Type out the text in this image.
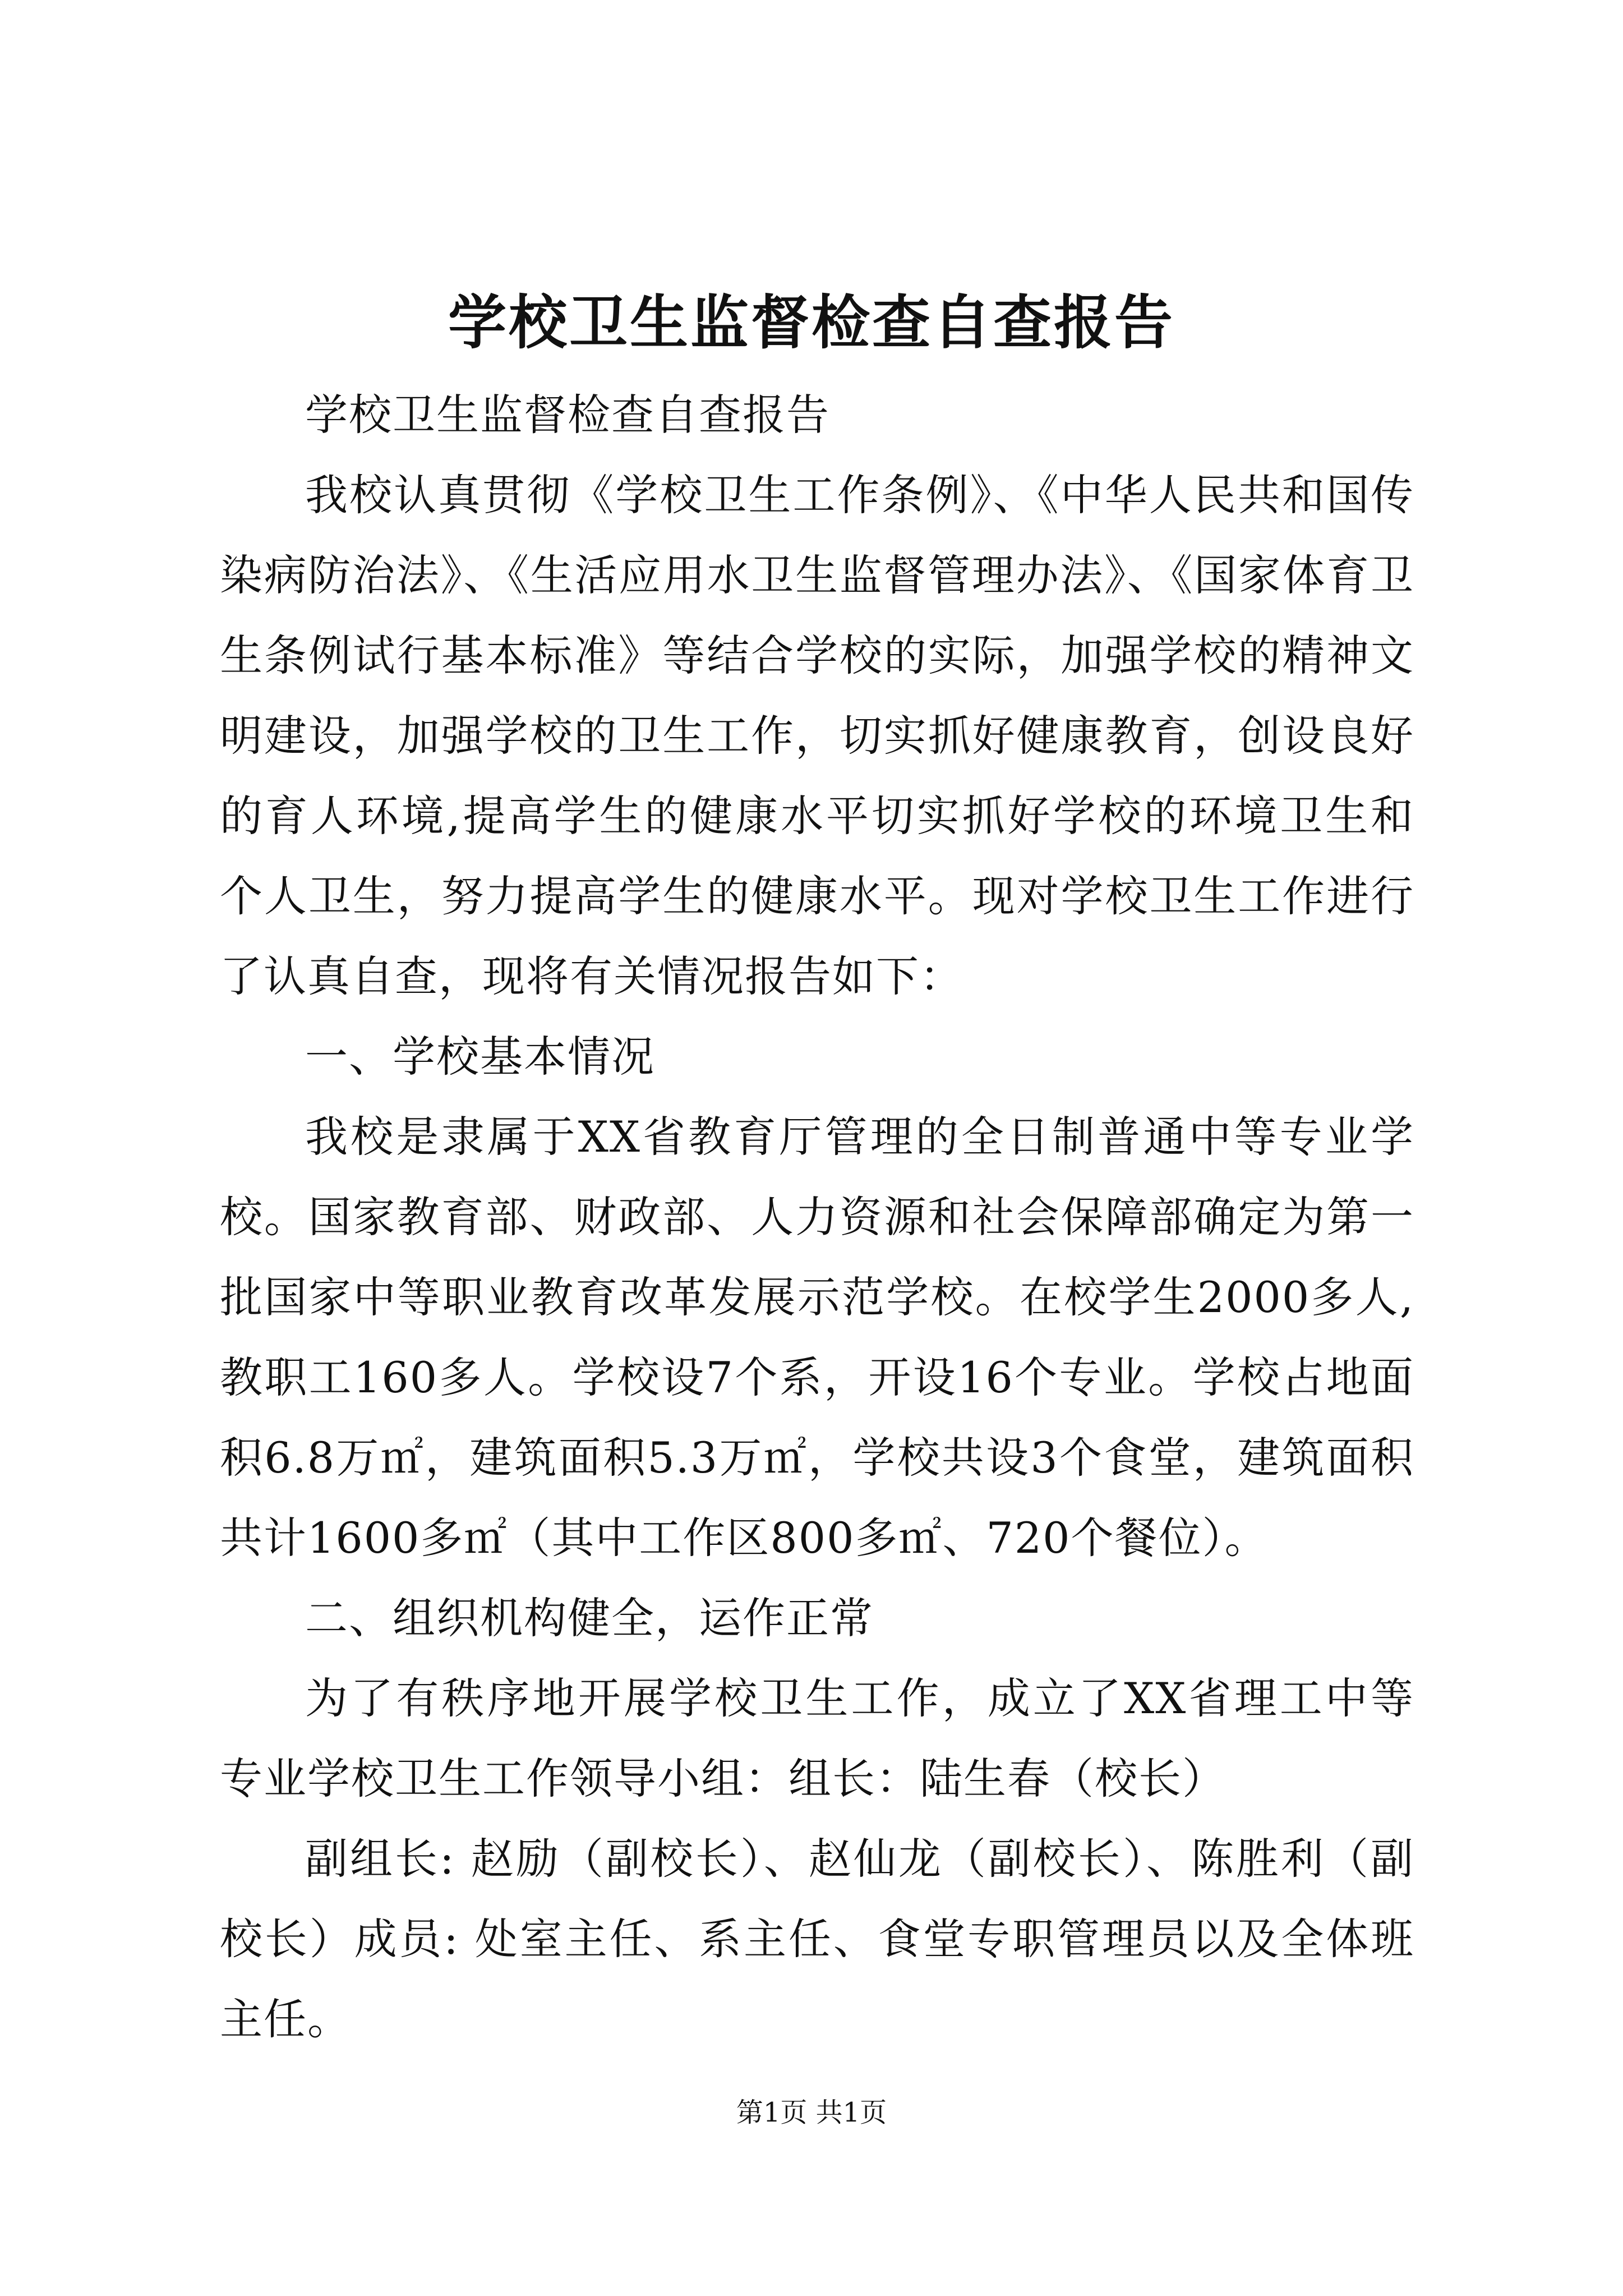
学校卫生监督检查自查报告

学校卫生监督检查自查报告

我校认真贯彻《学校卫生工作条例》、《中华人民共和国传染病防治法》、《生活应用水卫生监督管理办法》、《国家体育卫生条例试行基本标准》等结合学校的实际，加强学校的精神文明建设，加强学校的卫生工作，切实抓好健康教育，创设良好的育人环境,提高学生的健康水平切实抓好学校的环境卫生和个人卫生，努力提高学生的健康水平。现对学校卫生工作进行了认真自查，现将有关情况报告如下：

一、学校基本情况

我校是隶属于XX省教育厅管理的全日制普通中等专业学校。国家教育部、财政部、人力资源和社会保障部确定为第一批国家中等职业教育改革发展示范学校。在校学生2000多人,教职工160多人。学校设7个系，开设16个专业。学校占地面积6.8万㎡，建筑面积5.3万㎡，学校共设3个食堂，建筑面积共计1600多㎡（其中工作区800多㎡、720个餐位）。

二、组织机构健全，运作正常

为了有秩序地开展学校卫生工作，成立了XX省理工中等专业学校卫生工作领导小组：组长：陆生春（校长）

副组长: 赵励（副校长）、赵仙龙（副校长）、陈胜利（副校长）成员: 处室主任、系主任、食堂专职管理员以及全体班主任。

第1页 共1页
